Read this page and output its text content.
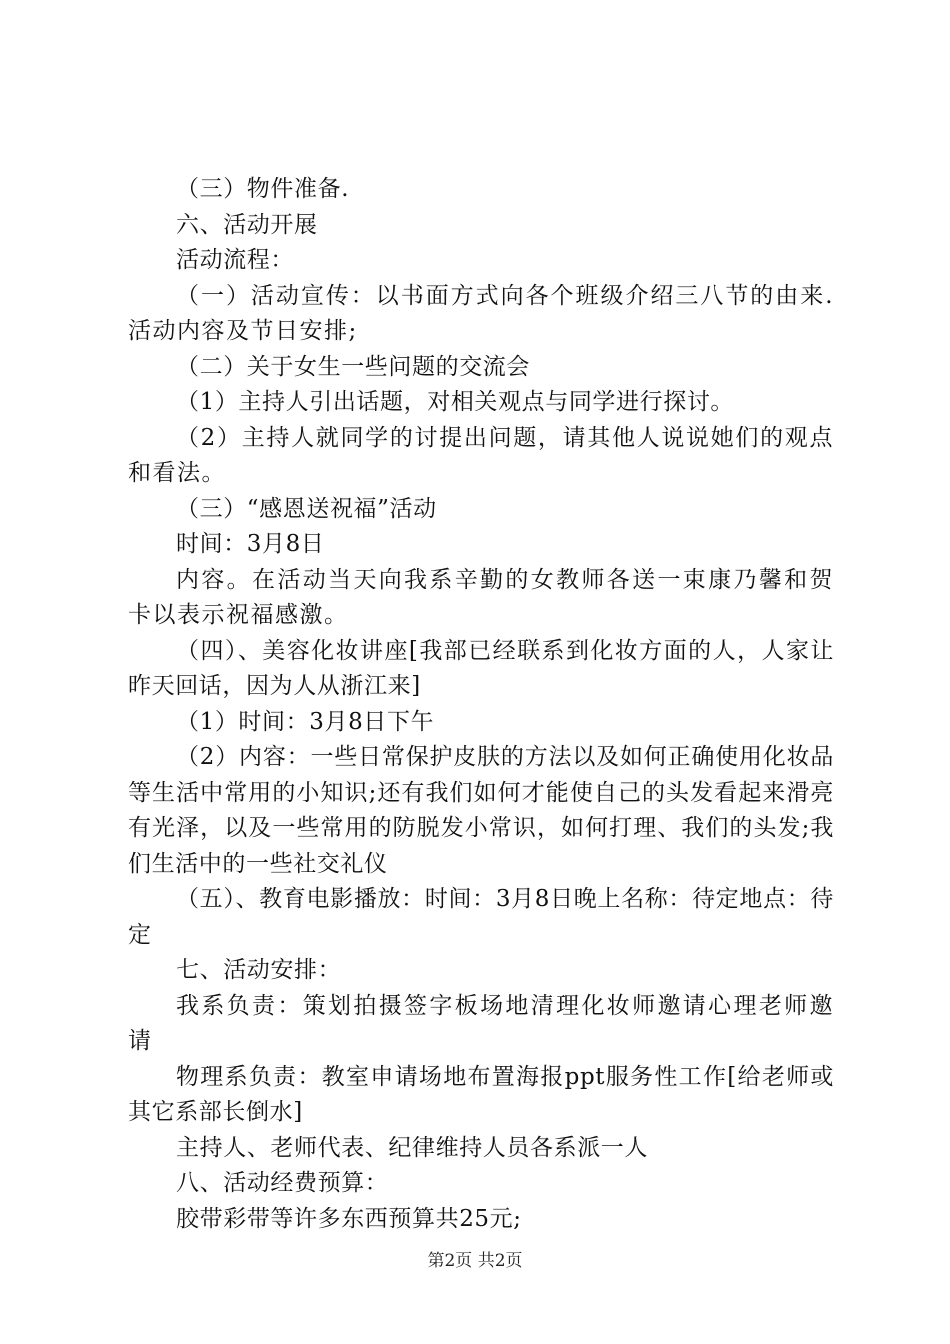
（三）物件准备.

六、活动开展

活动流程：

（一）活动宣传：以书面方式向各个班级介绍三八节的由来.活动内容及节日安排;

（二）关于女生一些问题的交流会

（1）主持人引出话题，对相关观点与同学进行探讨。

（2）主持人就同学的讨提出问题，请其他人说说她们的观点和看法。

（三）“感恩送祝福”活动

时间：3月8日

内容。在活动当天向我系辛勤的女教师各送一束康乃馨和贺卡以表示祝福感激。

（四）、美容化妆讲座[我部已经联系到化妆方面的人，人家让昨天回话，因为人从浙江来]

（1）时间：3月8日下午

（2）内容：一些日常保护皮肤的方法以及如何正确使用化妆品等生活中常用的小知识;还有我们如何才能使自己的头发看起来滑亮有光泽，以及一些常用的防脱发小常识，如何打理、我们的头发;我们生活中的一些社交礼仪

（五）、教育电影播放：时间：3月8日晚上名称：待定地点：待定

七、活动安排：

我系负责：策划拍摄签字板场地清理化妆师邀请心理老师邀请

物理系负责：教室申请场地布置海报ppt服务性工作[给老师或其它系部长倒水]

主持人、老师代表、纪律维持人员各系派一人

八、活动经费预算：

胶带彩带等许多东西预算共25元;

第2页 共2页
